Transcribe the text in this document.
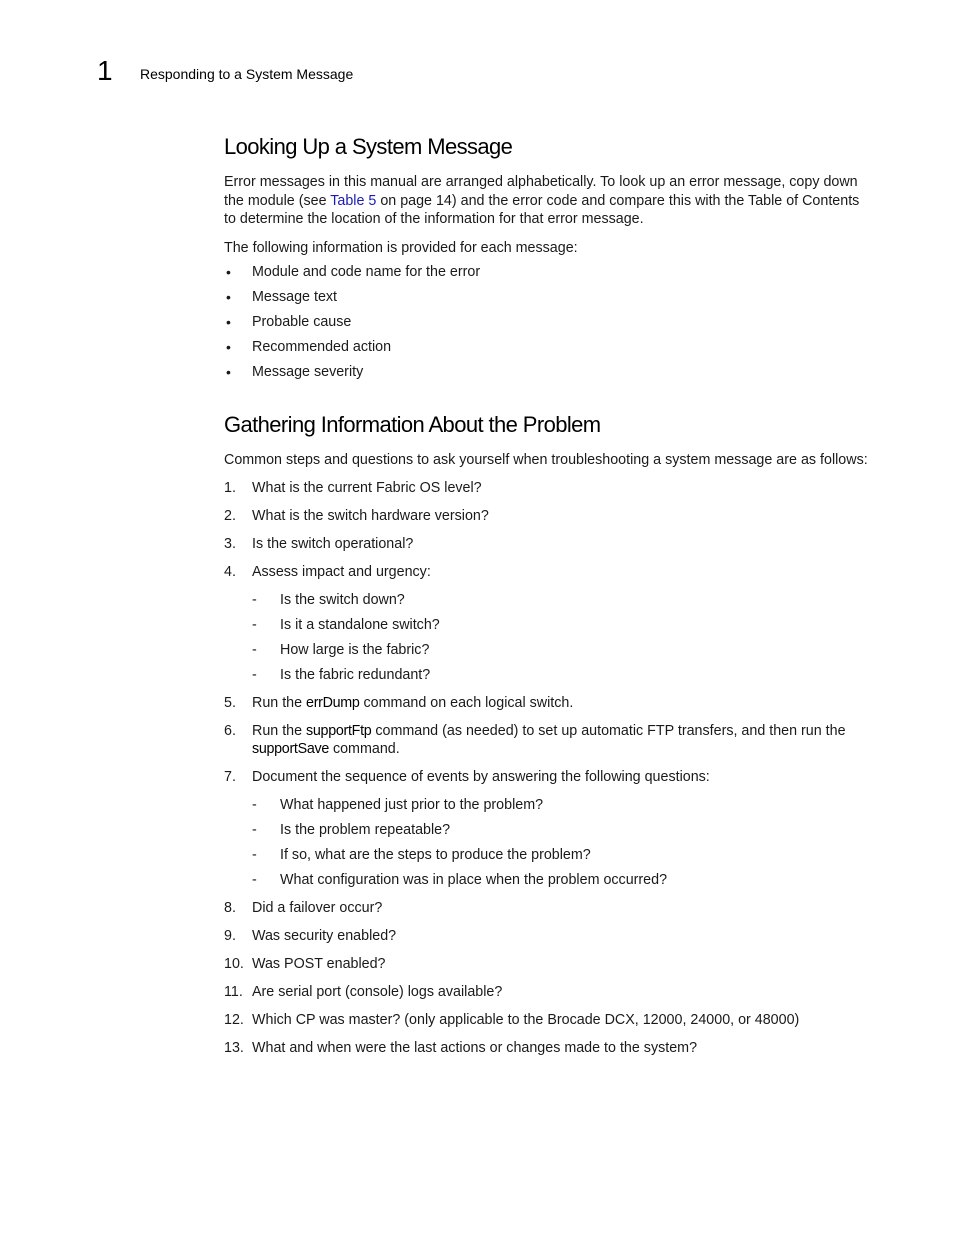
1 Responding to a System Message
Looking Up a System Message

Error messages in this manual are arranged alphabetically. To look up an error message, copy down the module (see Table 5 on page 14) and the error code and compare this with the Table of Contents to determine the location of the information for that error message.

The following information is provided for each message:

• Module and code name for the error
• Message text
• Probable cause
• Recommended action
• Message severity
Gathering Information About the Problem

Common steps and questions to ask yourself when troubleshooting a system message are as follows:

1. What is the current Fabric OS level?
2. What is the switch hardware version?
3. Is the switch operational?
4. Assess impact and urgency:
- Is the switch down?
- Is it a standalone switch?
- How large is the fabric?
- Is the fabric redundant?
5. Run the errDump command on each logical switch.
6. Run the supportFtp command (as needed) to set up automatic FTP transfers, and then run the supportSave command.
7. Document the sequence of events by answering the following questions:
- What happened just prior to the problem?
- Is the problem repeatable?
- If so, what are the steps to produce the problem?
- What configuration was in place when the problem occurred?
8. Did a failover occur?
9. Was security enabled?
10. Was POST enabled?
11. Are serial port (console) logs available?
12. Which CP was master? (only applicable to the Brocade DCX, 12000, 24000, or 48000)
13. What and when were the last actions or changes made to the system?
